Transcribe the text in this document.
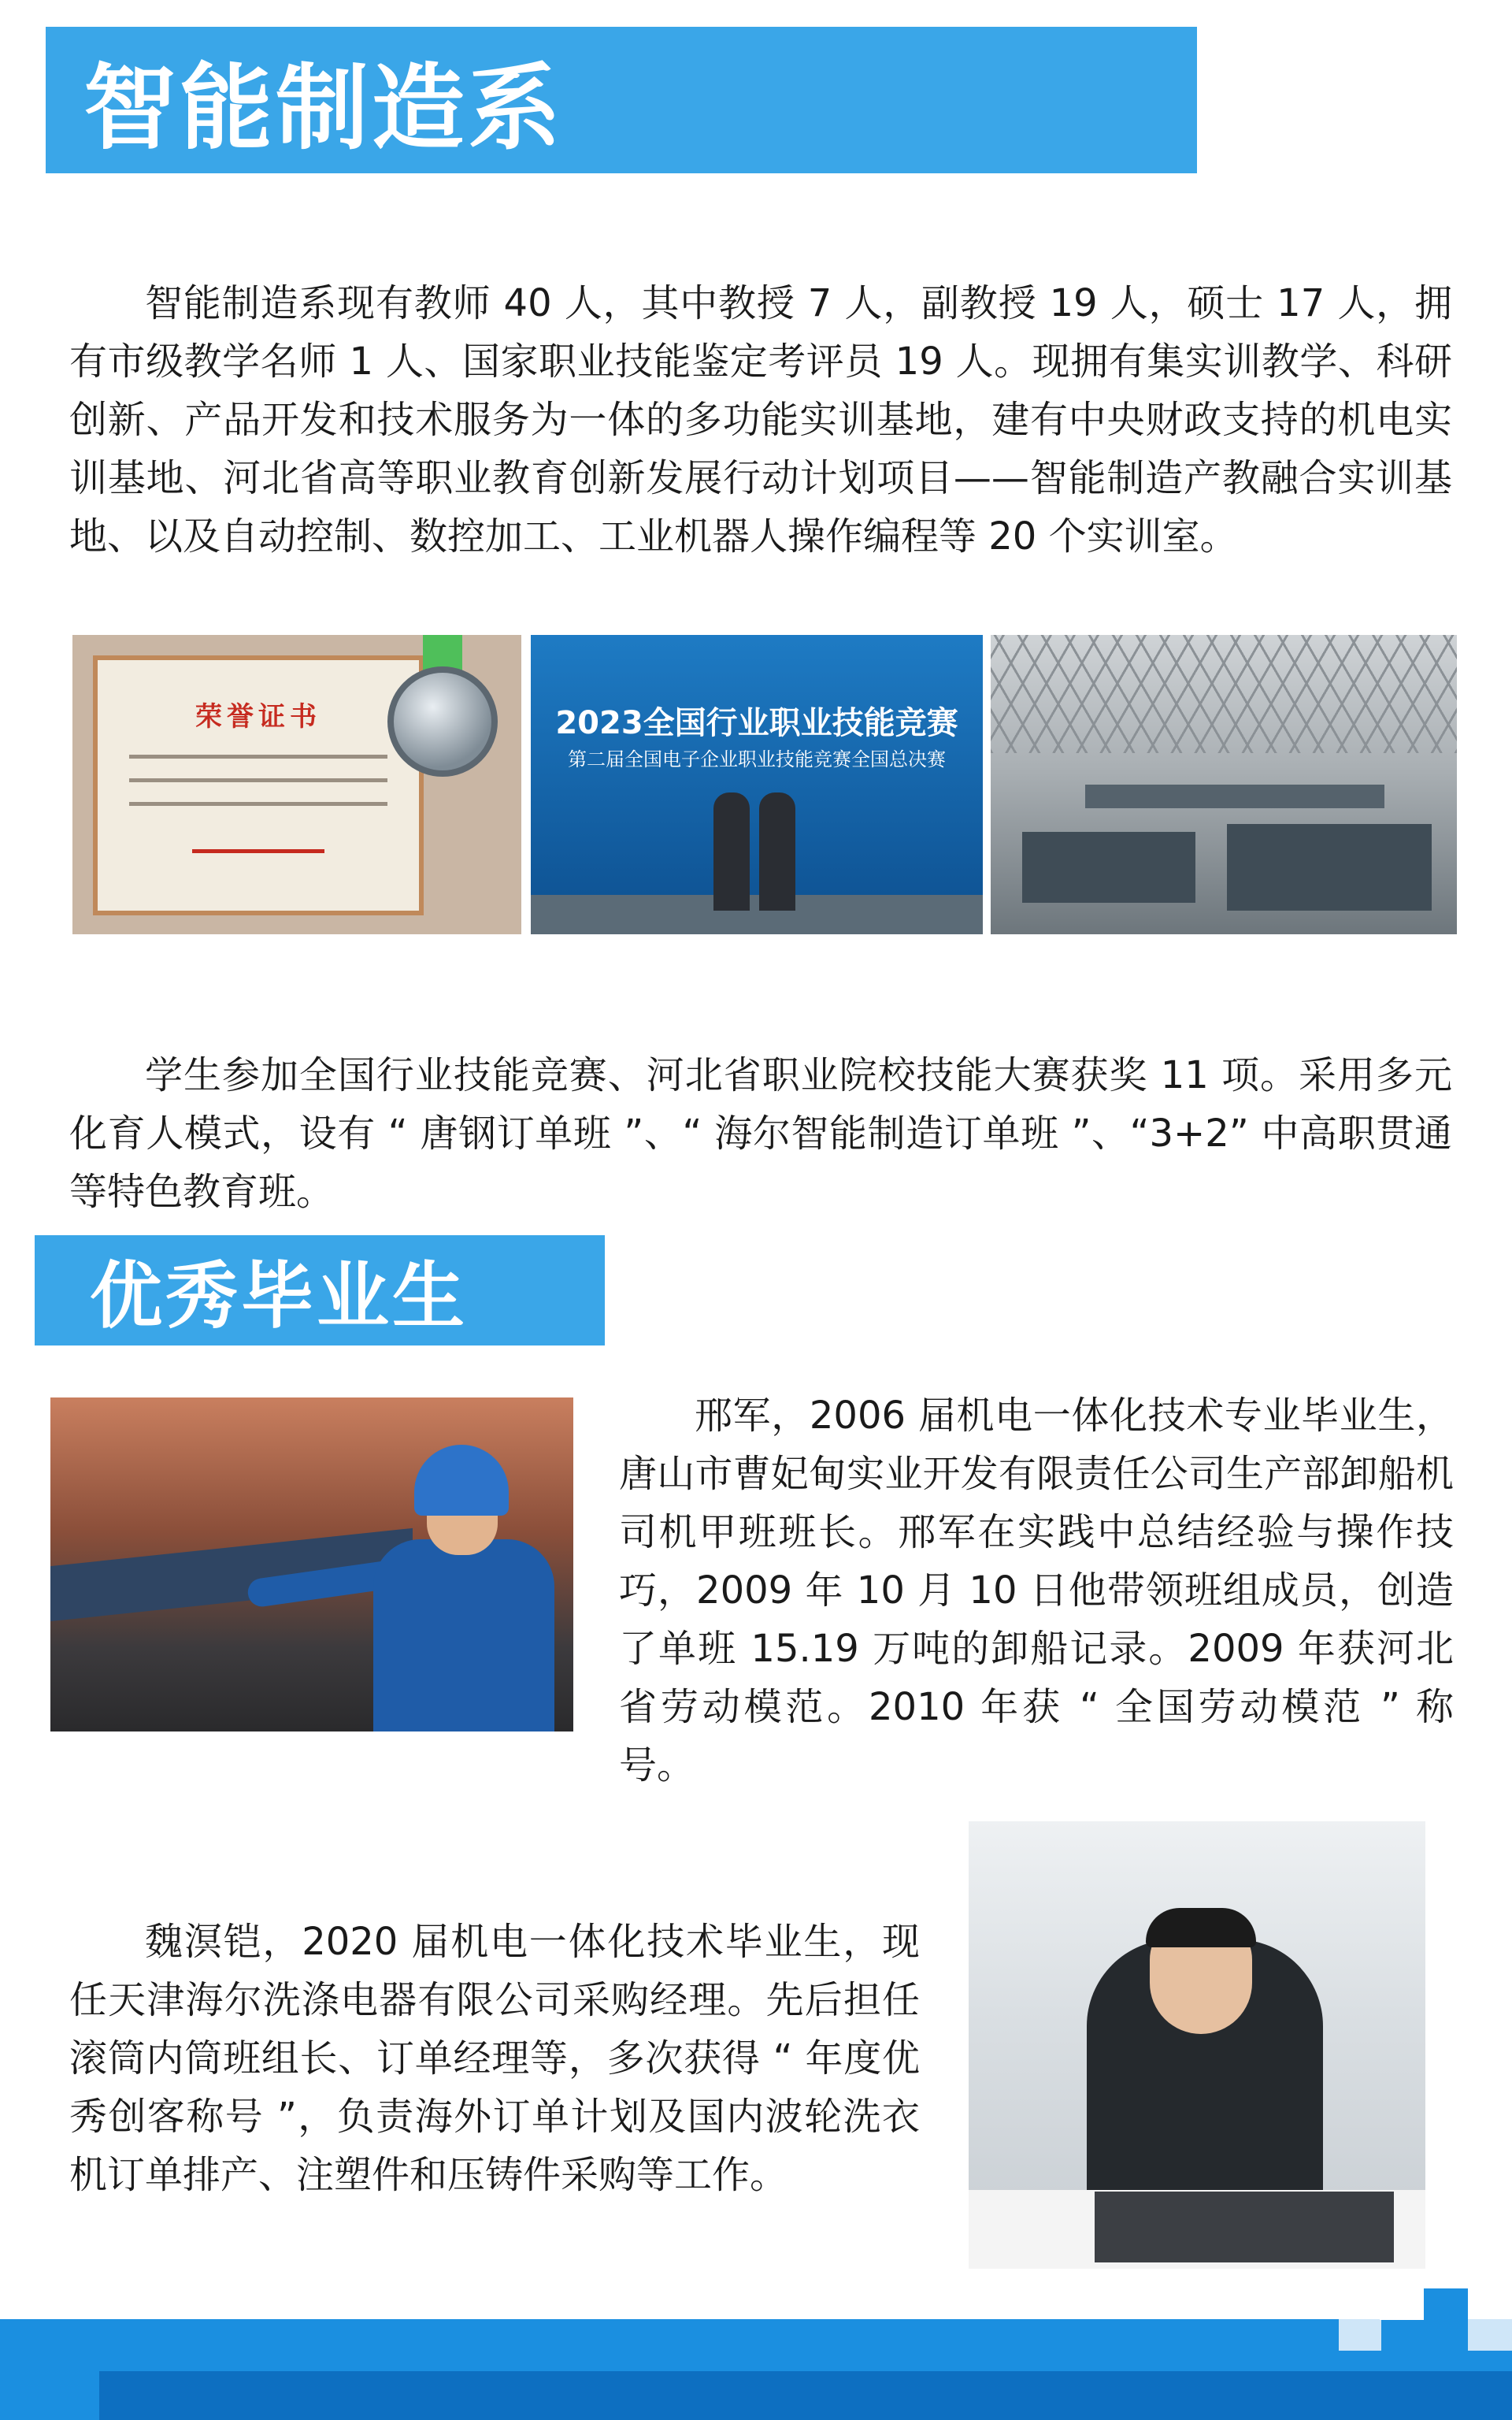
智能制造系

智能制造系现有教师 40 人，其中教授 7 人，副教授 19 人，硕士 17 人，拥有市级教学名师 1 人、国家职业技能鉴定考评员 19 人。现拥有集实训教学、科研创新、产品开发和技术服务为一体的多功能实训基地，建有中央财政支持的机电实训基地、河北省高等职业教育创新发展行动计划项目——智能制造产教融合实训基地、以及自动控制、数控加工、工业机器人操作编程等 20 个实训室。

荣誉证书	2023全国行业职业技能竞赛
第二届全国电子企业职业技能竞赛全国总决赛

学生参加全国行业技能竞赛、河北省职业院校技能大赛获奖 11 项。采用多元化育人模式，设有 “ 唐钢订单班 ”、“ 海尔智能制造订单班 ”、“3+2” 中高职贯通等特色教育班。

优秀毕业生

邢军，2006 届机电一体化技术专业毕业生，唐山市曹妃甸实业开发有限责任公司生产部卸船机司机甲班班长。邢军在实践中总结经验与操作技巧，2009 年 10 月 10 日他带领班组成员，创造了单班 15.19 万吨的卸船记录。2009 年获河北省劳动模范。2010 年获 “ 全国劳动模范 ” 称号。

魏溟铠，2020 届机电一体化技术毕业生，现任天津海尔洗涤电器有限公司采购经理。先后担任滚筒内筒班组长、订单经理等，多次获得 “ 年度优秀创客称号 ”，负责海外订单计划及国内波轮洗衣机订单排产、注塑件和压铸件采购等工作。
